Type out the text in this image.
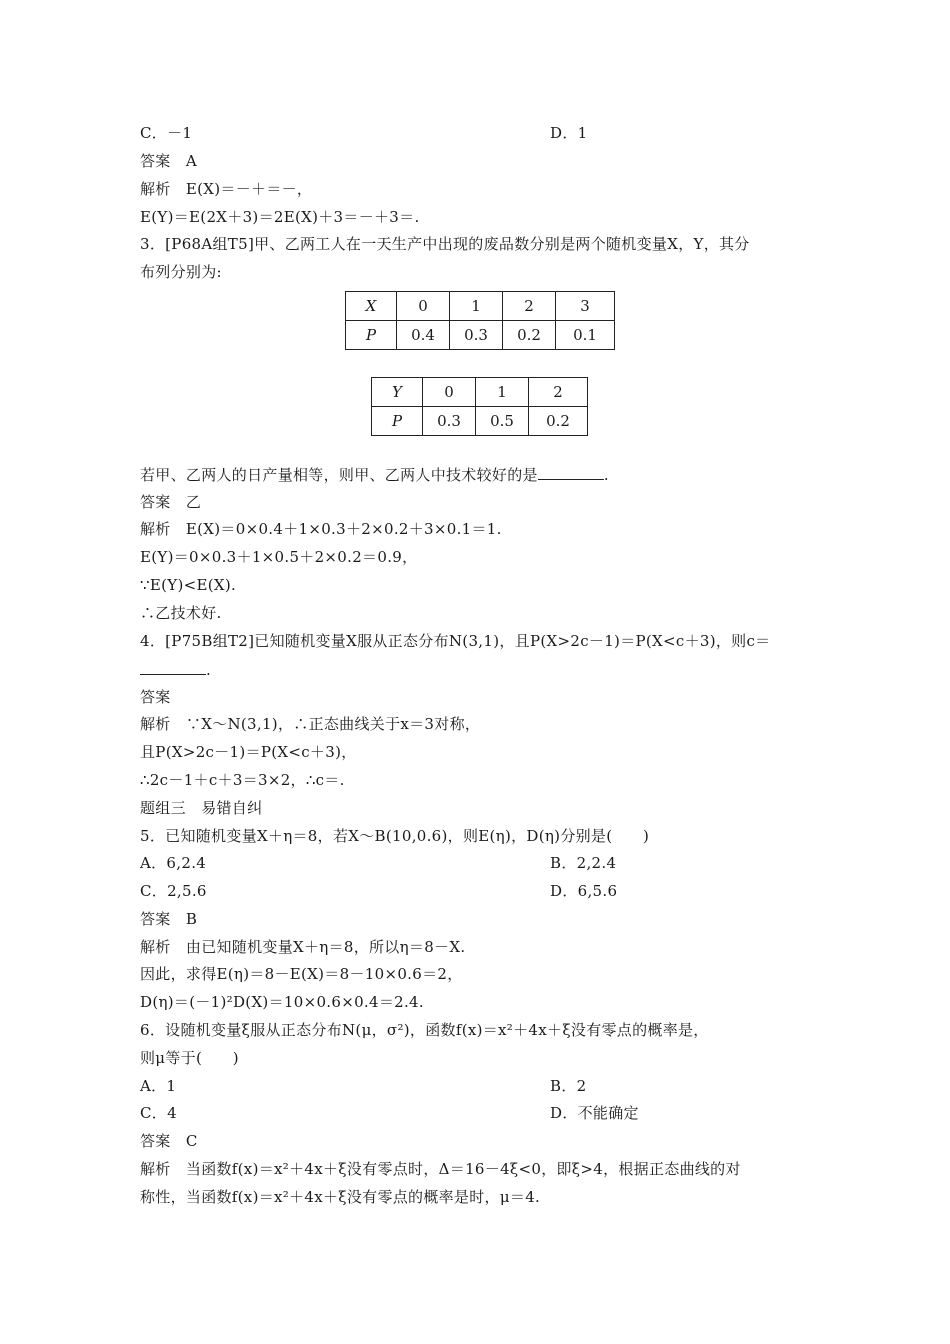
C．－1	D．1
答案　A
解析　E(X)＝－＋＝－，
E(Y)＝E(2X＋3)＝2E(X)＋3＝－＋3＝.
3．[P68A组T5]甲、乙两工人在一天生产中出现的废品数分别是两个随机变量X，Y，其分
布列分别为:
X	0	1	2	3
P	0.4	0.3	0.2	0.1
Y	0	1	2
P	0.3	0.5	0.2
若甲、乙两人的日产量相等，则甲、乙两人中技术较好的是	.
答案　乙
解析　E(X)＝0×0.4＋1×0.3＋2×0.2＋3×0.1＝1.
E(Y)＝0×0.3＋1×0.5＋2×0.2＝0.9，
∵E(Y)<E(X).
∴乙技术好.
4．[P75B组T2]已知随机变量X服从正态分布N(3,1)，且P(X>2c－1)＝P(X<c＋3)，则c＝
.
答案
解析　∵X～N(3,1)，∴正态曲线关于x＝3对称，
且P(X>2c－1)＝P(X<c＋3)，
∴2c－1＋c＋3＝3×2，∴c＝.
题组三　易错自纠
5．已知随机变量X＋η＝8，若X～B(10,0.6)，则E(η)，D(η)分别是(　　)
A．6,2.4	B．2,2.4
C．2,5.6	D．6,5.6
答案　B
解析　由已知随机变量X＋η＝8，所以η＝8－X.
因此，求得E(η)＝8－E(X)＝8－10×0.6＝2，
D(η)＝(－1)²D(X)＝10×0.6×0.4＝2.4.
6．设随机变量ξ服从正态分布N(μ，σ²)，函数f(x)＝x²＋4x＋ξ没有零点的概率是，
则μ等于(　　)
A．1	B．2
C．4	D．不能确定
答案　C
解析　当函数f(x)＝x²＋4x＋ξ没有零点时，Δ＝16－4ξ<0，即ξ>4，根据正态曲线的对
称性，当函数f(x)＝x²＋4x＋ξ没有零点的概率是时，μ＝4.
